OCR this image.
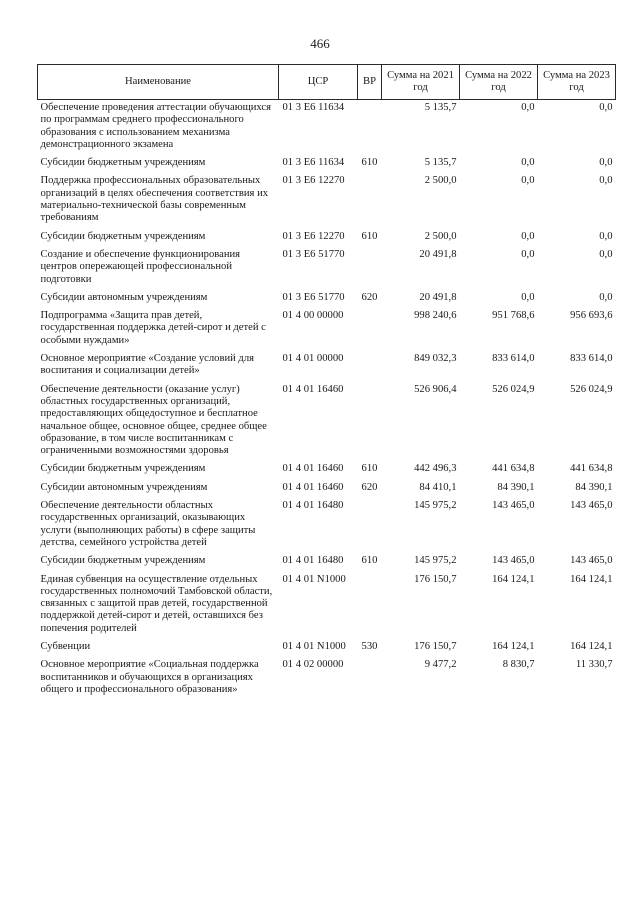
466
Наименование	ЦСР	ВР	Сумма на 2021 год	Сумма на 2022 год	Сумма на 2023 год
Обеспечение проведения аттестации обучающихся по программам среднего профессионального образования с использованием механизма демонстрационного экзамена	01 3 Е6 11634		5 135,7	0,0	0,0
Субсидии бюджетным учреждениям	01 3 Е6 11634	610	5 135,7	0,0	0,0
Поддержка профессиональных образовательных организаций в целях обеспечения соответствия их материально-технической базы современным требованиям	01 3 Е6 12270		2 500,0	0,0	0,0
Субсидии бюджетным учреждениям	01 3 Е6 12270	610	2 500,0	0,0	0,0
Создание и обеспечение функционирования центров опережающей профессиональной подготовки	01 3 Е6 51770		20 491,8	0,0	0,0
Субсидии автономным учреждениям	01 3 Е6 51770	620	20 491,8	0,0	0,0
Подпрограмма «Защита прав детей, государственная поддержка детей-сирот и детей с особыми нуждами»	01 4 00 00000		998 240,6	951 768,6	956 693,6
Основное мероприятие «Создание условий для воспитания и социализации детей»	01 4 01 00000		849 032,3	833 614,0	833 614,0
Обеспечение деятельности (оказание услуг) областных государственных организаций, предоставляющих общедоступное и бесплатное начальное общее, основное общее, среднее общее образование, в том числе воспитанникам с ограниченными возможностями здоровья	01 4 01 16460		526 906,4	526 024,9	526 024,9
Субсидии бюджетным учреждениям	01 4 01 16460	610	442 496,3	441 634,8	441 634,8
Субсидии автономным учреждениям	01 4 01 16460	620	84 410,1	84 390,1	84 390,1
Обеспечение деятельности областных государственных организаций, оказывающих услуги (выполняющих работы) в сфере защиты детства, семейного устройства детей	01 4 01 16480		145 975,2	143 465,0	143 465,0
Субсидии бюджетным учреждениям	01 4 01 16480	610	145 975,2	143 465,0	143 465,0
Единая субвенция на осуществление отдельных государственных полномочий Тамбовской области, связанных с защитой прав детей, государственной поддержкой детей-сирот и детей, оставшихся без попечения родителей	01 4 01 N1000		176 150,7	164 124,1	164 124,1
Субвенции	01 4 01 N1000	530	176 150,7	164 124,1	164 124,1
Основное мероприятие «Социальная поддержка воспитанников и обучающихся в организациях общего и профессионального образования»	01 4 02 00000		9 477,2	8 830,7	11 330,7
